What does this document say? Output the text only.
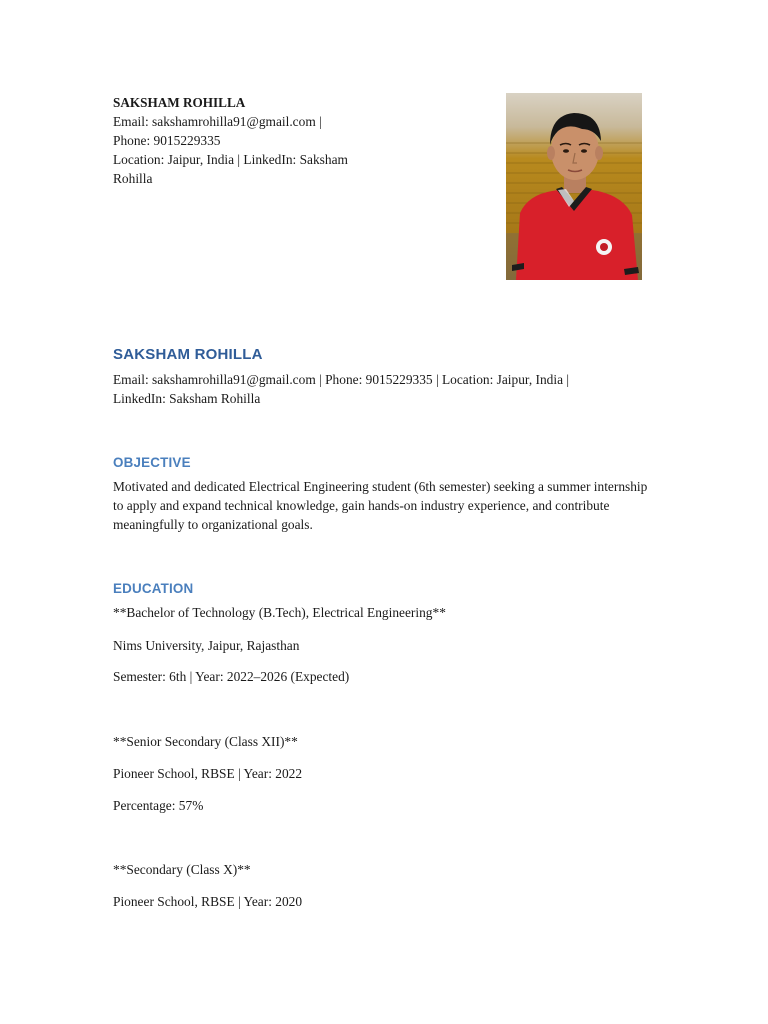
SAKSHAM ROHILLA

Email: sakshamrohilla91@gmail.com |
Phone: 9015229335
Location: Jaipur, India | LinkedIn: Saksham Rohilla
SAKSHAM ROHILLA

Email: sakshamrohilla91@gmail.com | Phone: 9015229335 | Location: Jaipur, India |

LinkedIn: Saksham Rohilla

OBJECTIVE

Motivated and dedicated Electrical Engineering student (6th semester) seeking a summer internship to apply and expand technical knowledge, gain hands-on industry experience, and contribute meaningfully to organizational goals.

EDUCATION

**Bachelor of Technology (B.Tech), Electrical Engineering**

Nims University, Jaipur, Rajasthan

Semester: 6th | Year: 2022–2026 (Expected)

**Senior Secondary (Class XII)**

Pioneer School, RBSE | Year: 2022

Percentage: 57%

**Secondary (Class X)**

Pioneer School, RBSE | Year: 2020
